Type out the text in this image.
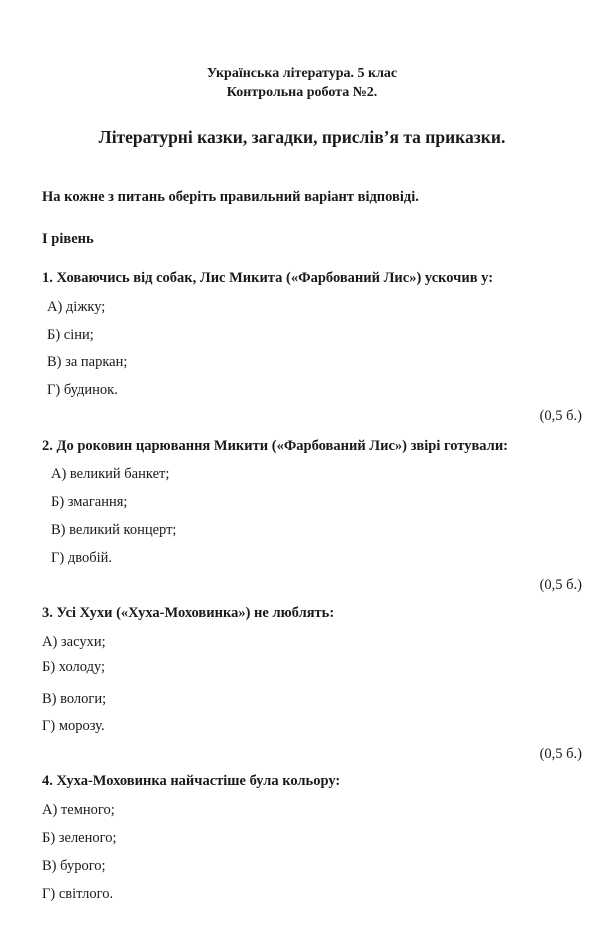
Українська література. 5 клас
Контрольна робота №2.
Літературні казки, загадки, прислів’я та приказки.
На кожне з питань оберіть правильний варіант відповіді.
І рівень
1. Ховаючись від собак, Лис Микита («Фарбований Лис») ускочив у:
А) діжку;
Б) сіни;
В) за паркан;
Г) будинок.
(0,5 б.)
2. До роковин царювання Микити («Фарбований Лис») звірі готували:
А) великий банкет;
Б) змагання;
В) великий концерт;
Г) двобій.
(0,5 б.)
3. Усі Хухи («Хуха-Моховинка») не люблять:
А) засухи;
Б) холоду;
В) вологи;
Г) морозу.
(0,5 б.)
4. Хуха-Моховинка найчастіше була кольору:
А) темного;
Б) зеленого;
В) бурого;
Г) світлого.
